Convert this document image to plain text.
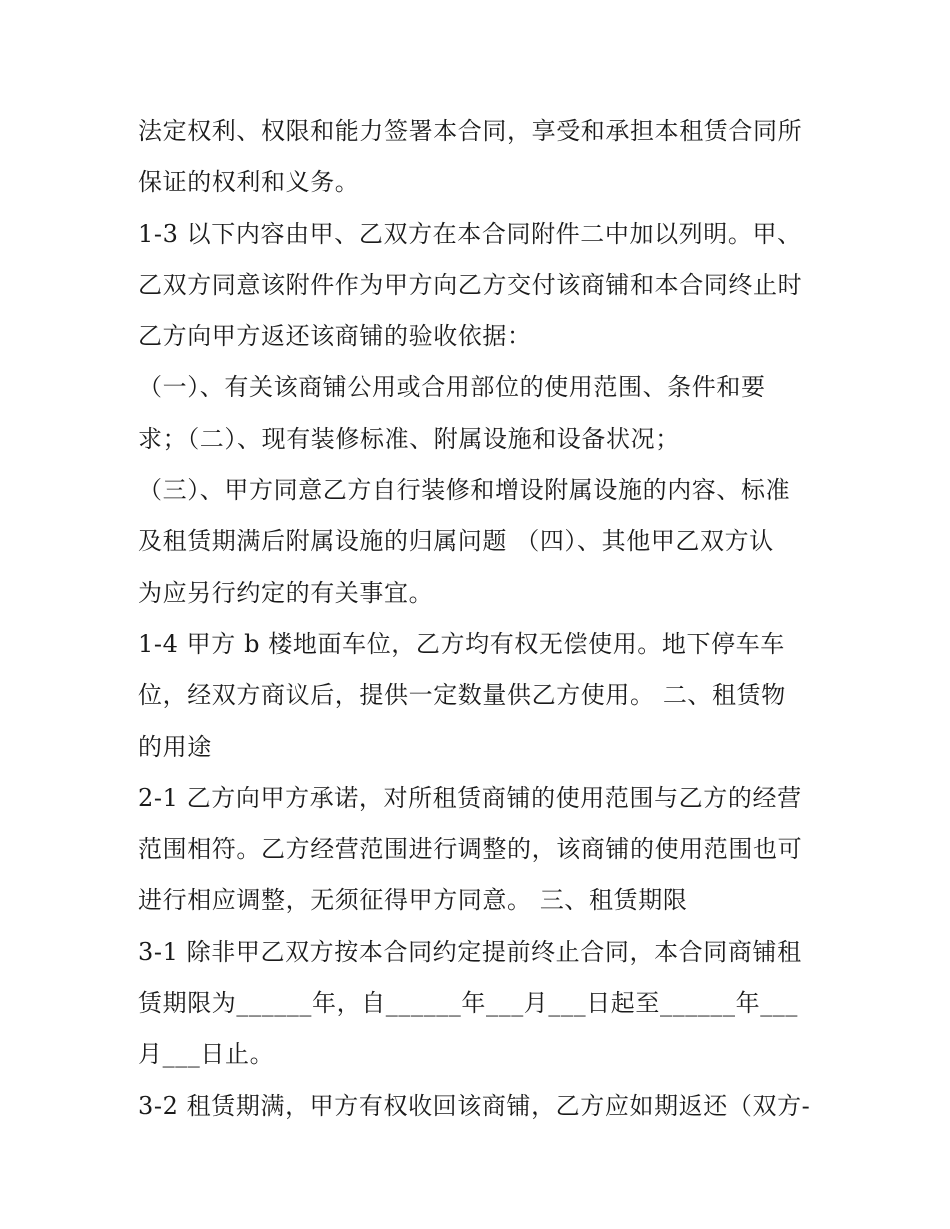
法定权利、权限和能力签署本合同，享受和承担本租赁合同所
保证的权利和义务。
1-3 以下内容由甲、乙双方在本合同附件二中加以列明。甲、
乙双方同意该附件作为甲方向乙方交付该商铺和本合同终止时
乙方向甲方返还该商铺的验收依据：
（一）、有关该商铺公用或合用部位的使用范围、条件和要
求；（二）、现有装修标准、附属设施和设备状况；
（三）、甲方同意乙方自行装修和增设附属设施的内容、标准
及租赁期满后附属设施的归属问题 （四）、其他甲乙双方认
为应另行约定的有关事宜。
1-4 甲方 b 楼地面车位，乙方均有权无偿使用。地下停车车
位，经双方商议后，提供一定数量供乙方使用。 二、租赁物
的用途
2-1 乙方向甲方承诺，对所租赁商铺的使用范围与乙方的经营
范围相符。乙方经营范围进行调整的，该商铺的使用范围也可
进行相应调整，无须征得甲方同意。 三、租赁期限
3-1 除非甲乙双方按本合同约定提前终止合同，本合同商铺租
赁期限为______年，自______年___月___日起至______年___
月___日止。
3-2 租赁期满，甲方有权收回该商铺，乙方应如期返还（双方-
